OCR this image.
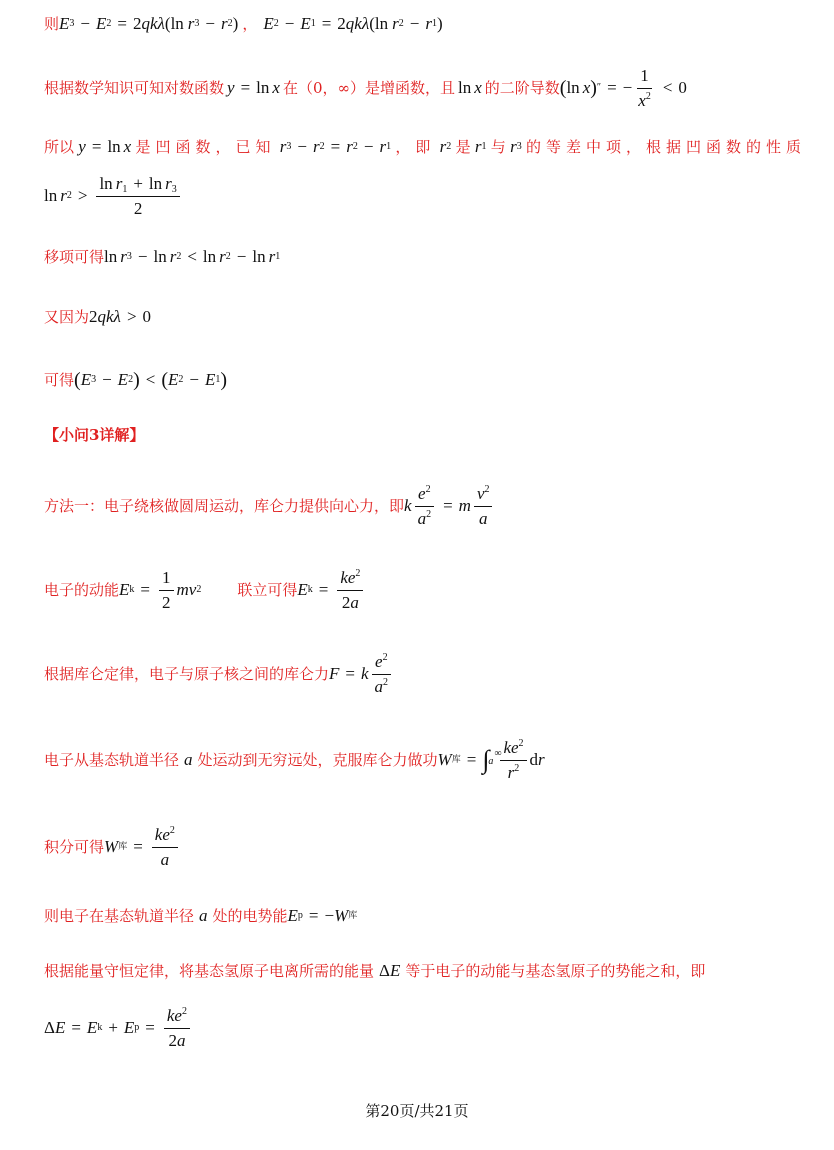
则 E 3 − E 2 = 2 qkλ (ln r 3 − r 2 ) ， E 2 − E 1 = 2 qkλ (ln r 2 − r 1 )
根据数学知识可知对数函数 y = ln x 在（0，∞）是增函数，且 ln x 的二阶导数 ( ln x ) ″ = − $\frac{1}{x^2} < 0$
所以 y = ln x 是凹函数，已知 r 3 − r 2 = r 2 − r 1 ，即 r 2 是 r 1 与 r 3 的等差中项，根据凹函数的性质
ln r $2 > \frac{\ln r_1 + \ln r_3}{2}$
移项可得 ln r 3 − ln r 2 < ln r 2 − ln r 1
又因为 2 qkλ > 0
可得 ( E 3 − E 2 ) < ( E 2 − E 1 )
【小问3详解】
方法一：电子绕核做圆周运动，库仑力提供向心力，即 k $\frac{e^2}{a^2} = m \frac{v^2}{a}$
电子的动能 E $k = \frac{1}{2}$ mv 2 联立可得 E $k = \frac{ke^2}{2a}$
根据库仑定律，电子与原子核之间的库仑力 F = k $\frac{e^2}{a^2}$
电子从基态轨道半径 a 处运动到无穷远处，克服库仑力做功 W 库 = ∫ ∞
a $\frac{ke^2}{r^2}$ d r
积分可得 W 库 = $\frac{ke^2}{a}$
则电子在基态轨道半径 a 处的电势能 E p = − W 库
根据能量守恒定律，将基态氢原子电离所需的能量 Δ E 等于电子的动能与基态氢原子的势能之和，即
Δ E = E k + E $p = \frac{ke^2}{2a}$
第20页/共21页
